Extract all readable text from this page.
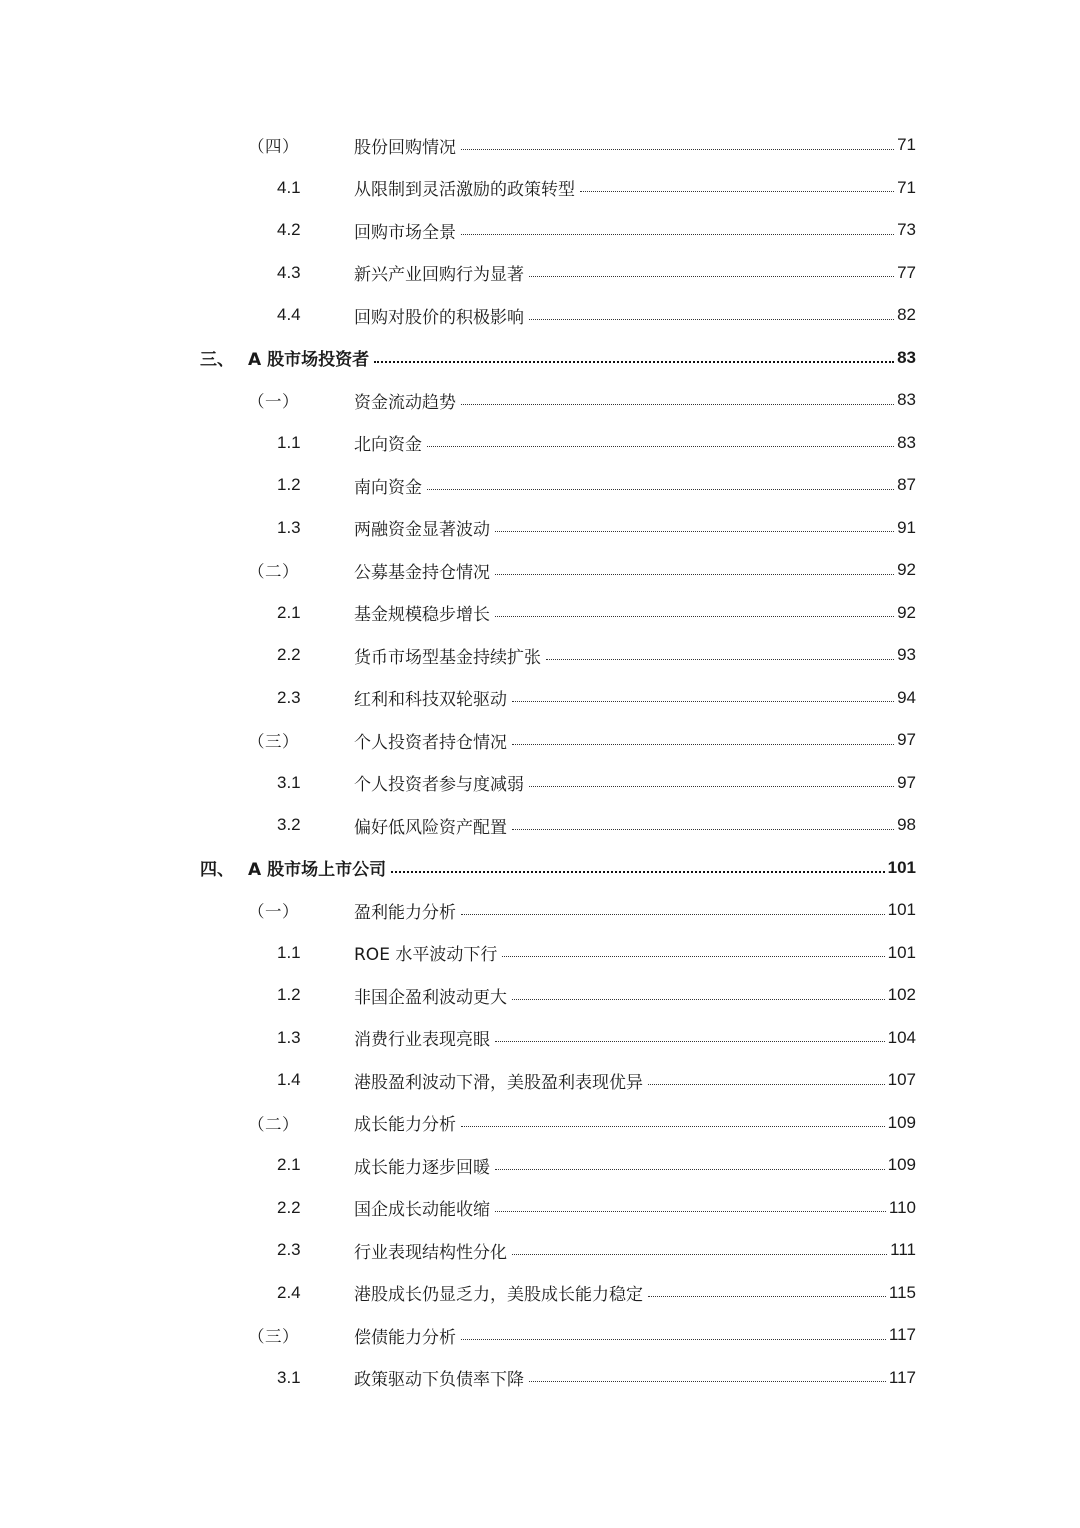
（四）	股份回购情况	71
4.1	从限制到灵活激励的政策转型	71
4.2	回购市场全景	73
4.3	新兴产业回购行为显著	77
4.4	回购对股价的积极影响	82
三、 A 股市场投资者	83
（一）	资金流动趋势	83
1.1	北向资金	83
1.2	南向资金	87
1.3	两融资金显著波动	91
（二）	公募基金持仓情况	92
2.1	基金规模稳步增长	92
2.2	货币市场型基金持续扩张	93
2.3	红利和科技双轮驱动	94
（三）	个人投资者持仓情况	97
3.1	个人投资者参与度减弱	97
3.2	偏好低风险资产配置	98
四、 A 股市场上市公司	101
（一）	盈利能力分析	101
1.1	ROE 水平波动下行	101
1.2	非国企盈利波动更大	102
1.3	消费行业表现亮眼	104
1.4	港股盈利波动下滑，美股盈利表现优异	107
（二）	成长能力分析	109
2.1	成长能力逐步回暖	109
2.2	国企成长动能收缩	110
2.3	行业表现结构性分化	111
2.4	港股成长仍显乏力，美股成长能力稳定	115
（三）	偿债能力分析	117
3.1	政策驱动下负债率下降	117
